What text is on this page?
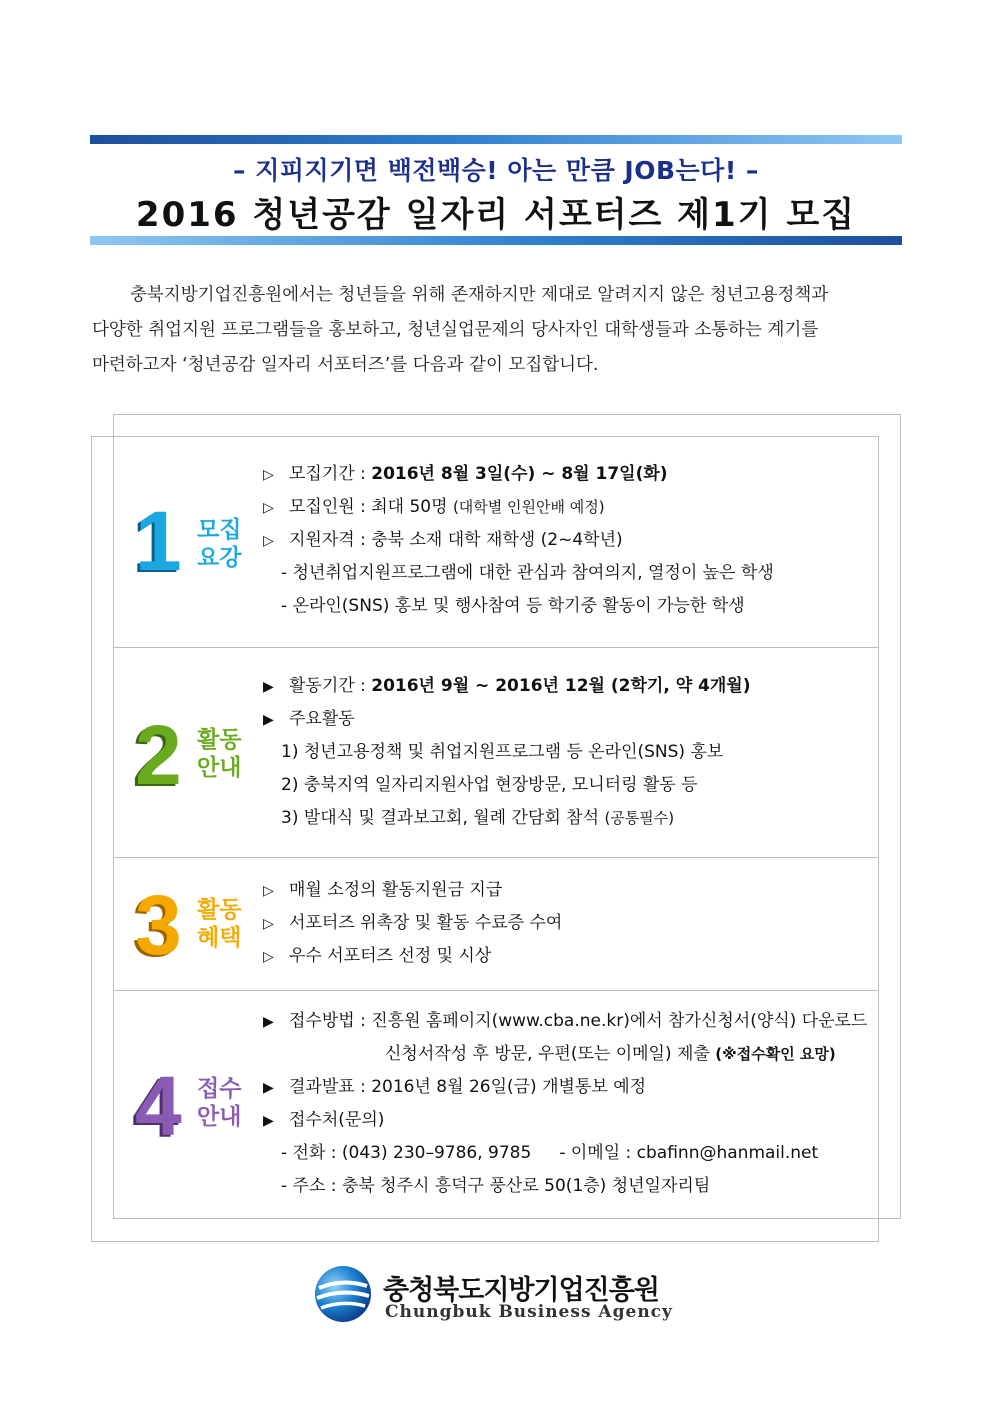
– 지피지기면 백전백승! 아는 만큼 JOB는다! –
2016 청년공감 일자리 서포터즈 제1기 모집
충북지방기업진흥원에서는 청년들을 위해 존재하지만 제대로 알려지지 않은 청년고용정책과
다양한 취업지원 프로그램들을 홍보하고, 청년실업문제의 당사자인 대학생들과 소통하는 계기를
마련하고자 ‘청년공감 일자리 서포터즈’를 다음과 같이 모집합니다.
1 모집
요강
▷ 모집기간 : 2016년 8월 3일(수) ~ 8월 17일(화)
▷ 모집인원 : 최대 50명 (대학별 인원안배 예정)
▷ 지원자격 : 충북 소재 대학 재학생 (2~4학년)
- 청년취업지원프로그램에 대한 관심과 참여의지, 열정이 높은 학생
- 온라인(SNS) 홍보 및 행사참여 등 학기중 활동이 가능한 학생
2 활동
안내
▶ 활동기간 : 2016년 9월 ~ 2016년 12월 (2학기, 약 4개월)
▶ 주요활동
1) 청년고용정책 및 취업지원프로그램 등 온라인(SNS) 홍보
2) 충북지역 일자리지원사업 현장방문, 모니터링 활동 등
3) 발대식 및 결과보고회, 월례 간담회 참석 (공통필수)
3 활동
혜택
▷ 매월 소정의 활동지원금 지급
▷ 서포터즈 위촉장 및 활동 수료증 수여
▷ 우수 서포터즈 선정 및 시상
4 접수
안내
▶ 접수방법 : 진흥원 홈페이지(www.cba.ne.kr)에서 참가신청서(양식) 다운로드
신청서작성 후 방문, 우편(또는 이메일) 제출 (※접수확인 요망)
▶ 결과발표 : 2016년 8월 26일(금) 개별통보 예정
▶ 접수처(문의)
- 전화 : (043) 230–9786, 9785 - 이메일 : cbafinn@hanmail.net
- 주소 : 충북 청주시 흥덕구 풍산로 50(1층) 청년일자리팀
충청북도지방기업진흥원
Chungbuk Business Agency
